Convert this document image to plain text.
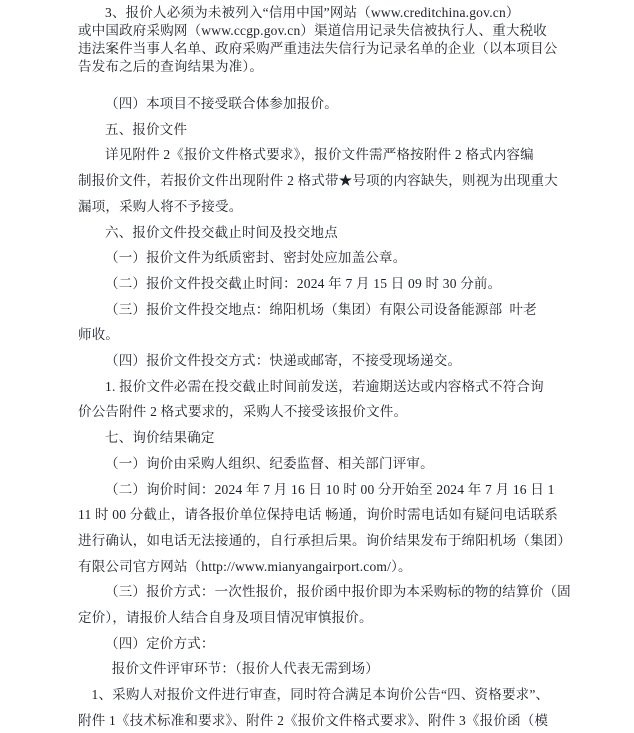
3、报价人必须为未被列入“信用中国”网站（www.creditchina.gov.cn）
或中国政府采购网（www.ccgp.gov.cn）渠道信用记录失信被执行人、重大税收
违法案件当事人名单、政府采购严重违法失信行为记录名单的企业（以本项目公
告发布之后的查询结果为准）。
（四）本项目不接受联合体参加报价。
五、报价文件
详见附件 2《报价文件格式要求》，报价文件需严格按附件 2 格式内容编
制报价文件，若报价文件出现附件 2 格式带★号项的内容缺失，则视为出现重大
漏项，采购人将不予接受。
六、报价文件投交截止时间及投交地点
（一）报价文件为纸质密封、密封处应加盖公章。
（二）报价文件投交截止时间：2024 年 7 月 15 日 09 时 30 分前。
（三）报价文件投交地点：绵阳机场（集团）有限公司设备能源部  叶老
师收。
（四）报价文件投交方式：快递或邮寄，不接受现场递交。
1. 报价文件必需在投交截止时间前发送，若逾期送达或内容格式不符合询
价公告附件 2 格式要求的，采购人不接受该报价文件。
七、询价结果确定
（一）询价由采购人组织、纪委监督、相关部门评审。
（二）询价时间：2024 年 7 月 16 日 10 时 00 分开始至 2024 年 7 月 16 日 1
11 时 00 分截止，请各报价单位保持电话 畅通，询价时需电话如有疑问电话联系
进行确认，如电话无法接通的，自行承担后果。询价结果发布于绵阳机场（集团）
有限公司官方网站（http://www.mianyangairport.com/）。
（三）报价方式：一次性报价，报价函中报价即为本采购标的物的结算价（固
定价），请报价人结合自身及项目情况审慎报价。
（四）定价方式：
报价文件评审环节：（报价人代表无需到场）
1、采购人对报价文件进行审查，同时符合满足本询价公告“四、资格要求”、
附件 1《技术标准和要求》、附件 2《报价文件格式要求》、附件 3《报价函（模
